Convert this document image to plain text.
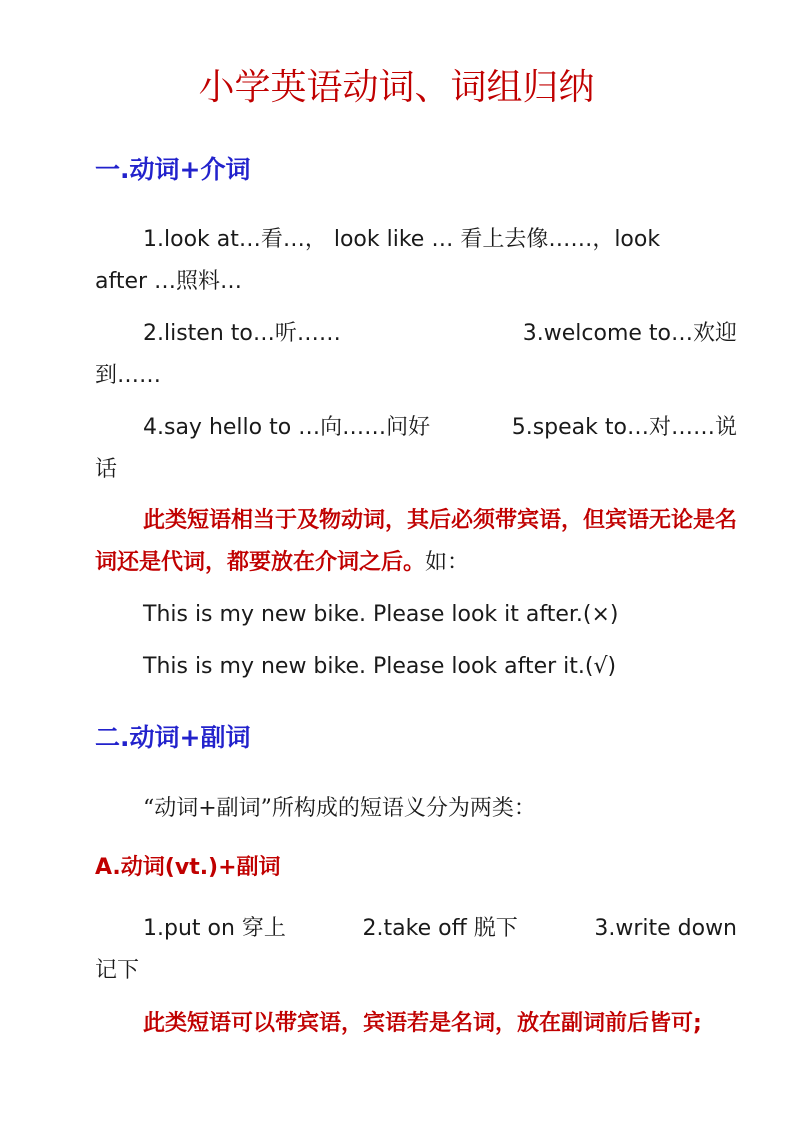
小学英语动词、词组归纳
一.动词+介词
1.look at…看…， look like … 看上去像……，look
after …照料…
2.listen to…听……	3.welcome to…欢迎
到……
4.say hello to …向……问好	5.speak to…对……说
话

此类短语相当于及物动词，其后必须带宾语，但宾语无论是名词还是代词，都要放在介词之后。如：

This is my new bike. Please look it after.(×)
This is my new bike. Please look after it.(√)
二.动词+副词
“动词+副词”所构成的短语义分为两类：
A.动词(vt.)+副词
1.put on 穿上	2.take off 脱下	3.write down
记下
此类短语可以带宾语，宾语若是名词，放在副词前后皆可;
